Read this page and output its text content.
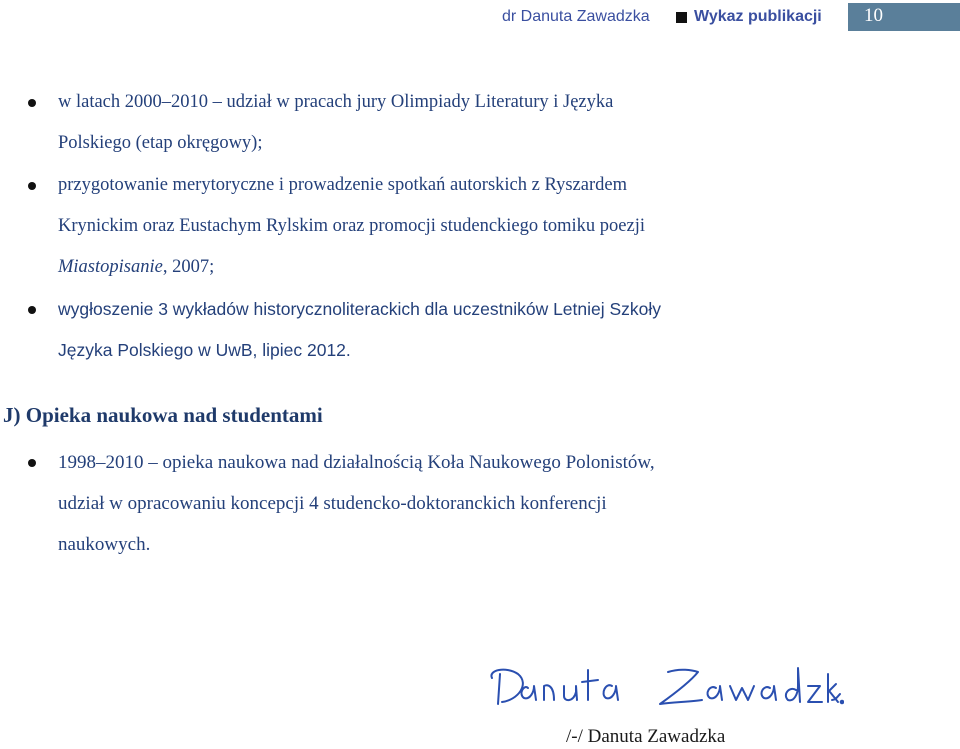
dr Danuta Zawadzka	Wykaz publikacji 10
w latach 2000–2010 – udział w pracach jury Olimpiady Literatury i Języka
Polskiego (etap okręgowy);
przygotowanie merytoryczne i prowadzenie spotkań autorskich z Ryszardem
Krynickim oraz Eustachym Rylskim oraz promocji studenckiego tomiku poezji
Miastopisanie, 2007;
wygłoszenie 3 wykładów historycznoliterackich dla uczestników Letniej Szkoły
Języka Polskiego w UwB, lipiec 2012.
J) Opieka naukowa nad studentami
1998–2010 – opieka naukowa nad działalnością Koła Naukowego Polonistów,
udział w opracowaniu koncepcji 4 studencko-doktoranckich konferencji
naukowych.
/-/ Danuta Zawadzka
